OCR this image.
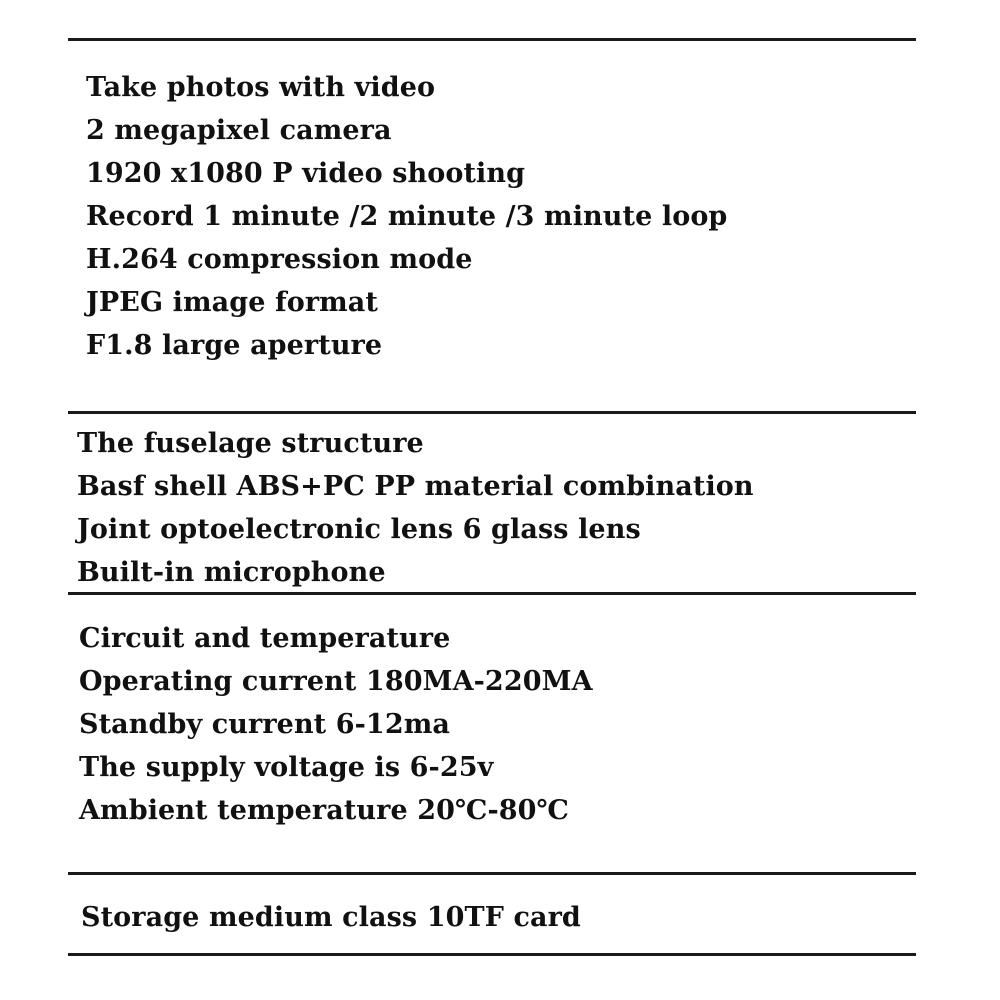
Take photos with video
2 megapixel camera
1920 x1080 P video shooting
Record 1 minute /2 minute /3 minute loop
H.264 compression mode
JPEG image format
F1.8 large aperture
The fuselage structure
Basf shell ABS+PC PP material combination
Joint optoelectronic lens 6 glass lens
Built-in microphone
Circuit and temperature
Operating current 180MA-220MA
Standby current 6-12ma
The supply voltage is 6-25v
Ambient temperature 20℃-80℃
Storage medium class 10TF card
